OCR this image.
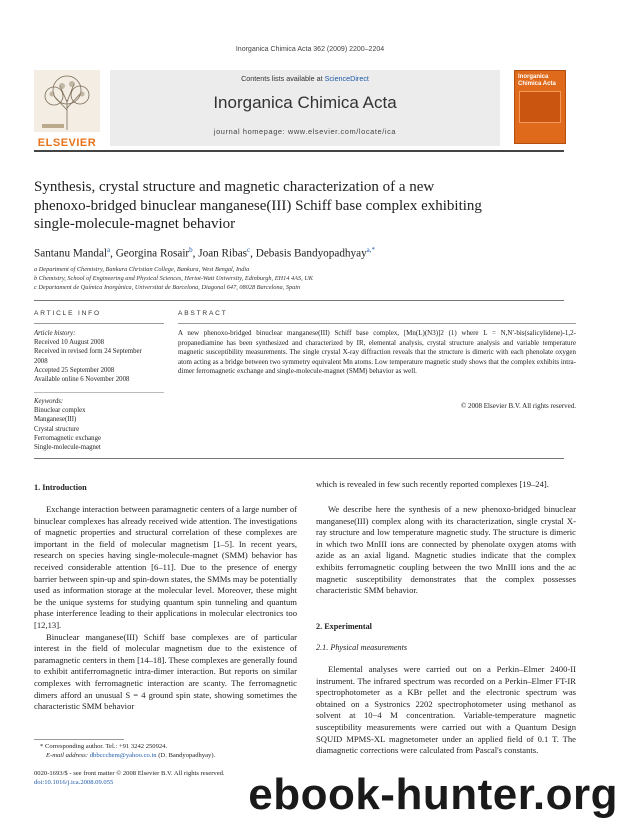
Inorganica Chimica Acta 362 (2009) 2200–2204
ELSEVIER
Contents lists available at ScienceDirect
Inorganica Chimica Acta
journal homepage: www.elsevier.com/locate/ica
Inorganica
Chimica Acta
Synthesis, crystal structure and magnetic characterization of a new
phenoxo-bridged binuclear manganese(III) Schiff base complex exhibiting
single-molecule-magnet behavior
Santanu Mandal$^a$, Georgina Rosair$^b$, Joan Ribas$^c$, Debasis Bandyopadhyay$^{a,*}$
a Department of Chemistry, Bankura Christian College, Bankura, West Bengal, India
b Chemistry, School of Engineering and Physical Sciences, Heriot-Watt University, Edinburgh, EH14 4AS, UK
c Departament de Química Inorgànica, Universitat de Barcelona, Diagonal 647, 08028 Barcelona, Spain
ARTICLE INFO
Article history:
Received 10 August 2008
Received in revised form 24 September
2008
Accepted 25 September 2008
Available online 6 November 2008
Keywords:
Binuclear complex
Manganese(III)
Crystal structure
Ferromagnetic exchange
Single-molecule-magnet
ABSTRACT
A new phenoxo-bridged binuclear manganese(III) Schiff base complex, [Mn(L)(N3)]2 (1) where L = N,N′-bis(salicylidene)-1,2-propanediamine has been synthesized and characterized by IR, elemental analysis, crystal structure analysis and variable temperature magnetic susceptibility measurements. The single crystal X-ray diffraction reveals that the structure is dimeric with each phenolate oxygen atom acting as a bridge between two symmetry equivalent Mn atoms. Low temperature magnetic study shows that the complex exhibits intra-dimer ferromagnetic exchange and single-molecule-magnet (SMM) behavior as well.
© 2008 Elsevier B.V. All rights reserved.
1. Introduction

Exchange interaction between paramagnetic centers of a large number of binuclear complexes has already received wide attention. The investigations of magnetic properties and structural correlation of these complexes are important in the field of molecular magnetism [1–5]. In recent years, research on species having single-molecule-magnet (SMM) behavior has received considerable attention [6–11]. Due to the presence of energy barrier between spin-up and spin-down states, the SMMs may be potentially used as information storage at the molecular level. Moreover, these might be the unique systems for studying quantum spin tunneling and quantum phase interference leading to their applications in molecular electronics too [12,13].

Binuclear manganese(III) Schiff base complexes are of particular interest in the field of molecular magnetism due to the existence of paramagnetic centers in them [14–18]. These complexes are generally found to exhibit antiferromagnetic intra-dimer interaction. But reports on similar complexes with ferromagnetic interaction are scanty. The ferromagnetic dimers afford an unusual S = 4 ground spin state, showing sometimes the characteristic SMM behavior

which is revealed in few such recently reported complexes [19–24].

We describe here the synthesis of a new phenoxo-bridged binuclear manganese(III) complex along with its characterization, single crystal X-ray structure and low temperature magnetic study. The structure is dimeric in which two MnIII ions are connected by phenolate oxygen atoms with azide as an axial ligand. Magnetic studies indicate that the complex exhibits ferromagnetic coupling between the two MnIII ions and the ac magnetic susceptibility demonstrates that the complex possesses characteristic SMM behavior.

2. Experimental
2.1. Physical measurements

Elemental analyses were carried out on a Perkin–Elmer 2400-II instrument. The infrared spectrum was recorded on a Perkin–Elmer FT-IR spectrophotometer as a KBr pellet and the electronic spectrum was obtained on a Systronics 2202 spectrophotometer using methanol as solvent at 10−4 M concentration. Variable-temperature magnetic susceptibility measurements were carried out with a Quantum Design SQUID MPMS-XL magnetometer under an applied field of 0.1 T. The diamagnetic corrections were calculated from Pascal's constants.

* Corresponding author. Tel.: +91 3242 250924.
E-mail address: dbbccchem@yahoo.co.in (D. Bandyopadhyay).
0020-1693/$ - see front matter © 2008 Elsevier B.V. All rights reserved.
doi:10.1016/j.ica.2008.09.055	ebook-hunter.org
